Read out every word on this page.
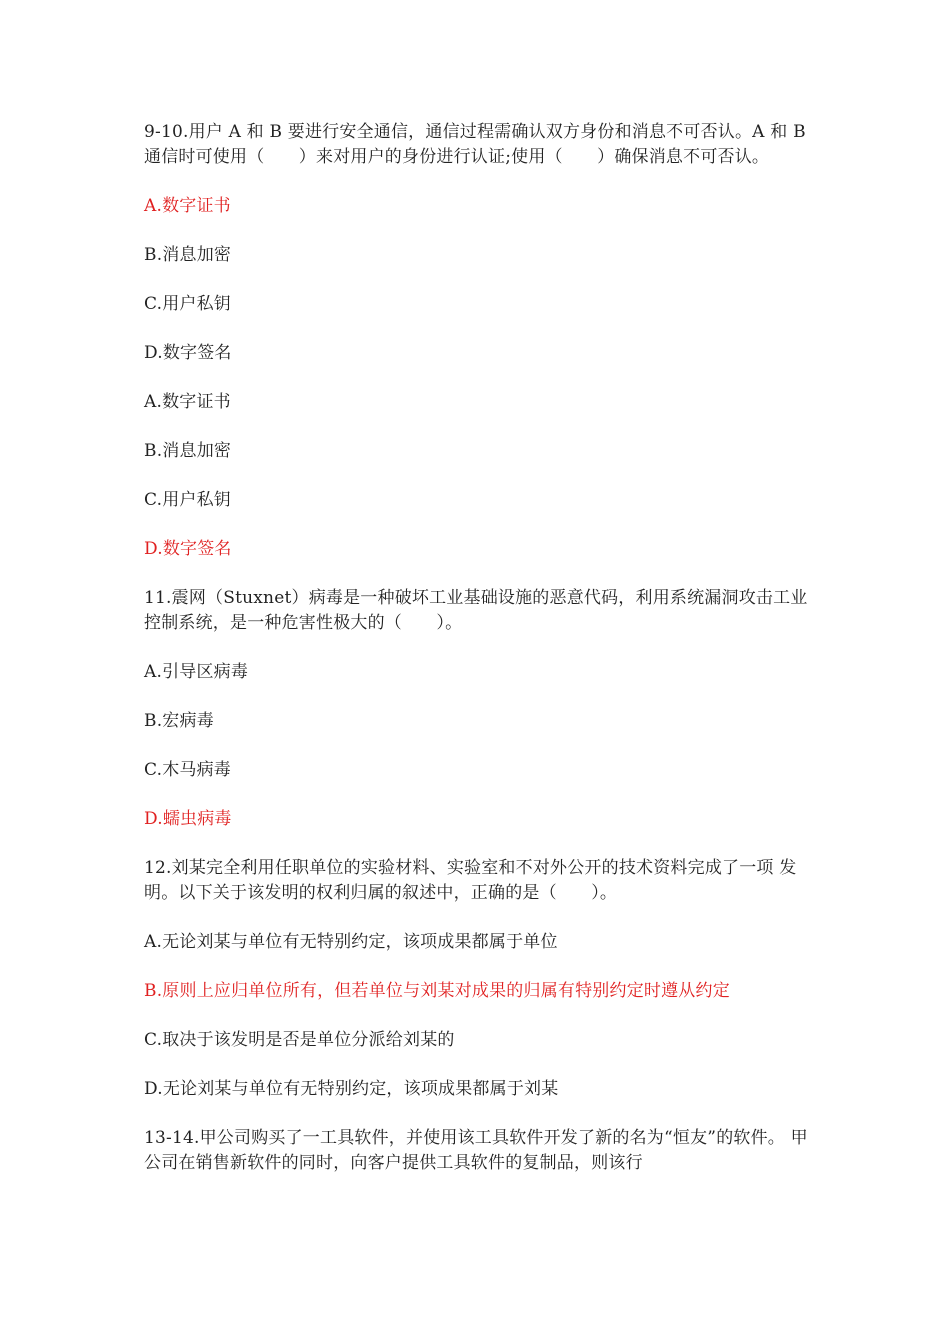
9-10.用户 A 和 B 要进行安全通信，通信过程需确认双方身份和消息不可否认。A 和 B 通信时可使用（　　）来对用户的身份进行认证;使用（　　）确保消息不可否认。

A.数字证书

B.消息加密

C.用户私钥

D.数字签名

A.数字证书

B.消息加密

C.用户私钥

D.数字签名

11.震网（Stuxnet）病毒是一种破坏工业基础设施的恶意代码，利用系统漏洞攻击工业控制系统，是一种危害性极大的（　　）。

A.引导区病毒

B.宏病毒

C.木马病毒

D.蠕虫病毒

12.刘某完全利用任职单位的实验材料、实验室和不对外公开的技术资料完成了一项 发明。以下关于该发明的权利归属的叙述中，正确的是（　　）。

A.无论刘某与单位有无特别约定，该项成果都属于单位

B.原则上应归单位所有，但若单位与刘某对成果的归属有特别约定时遵从约定

C.取决于该发明是否是单位分派给刘某的

D.无论刘某与单位有无特别约定，该项成果都属于刘某

13-14.甲公司购买了一工具软件，并使用该工具软件开发了新的名为“恒友”的软件。 甲公司在销售新软件的同时，向客户提供工具软件的复制品，则该行
